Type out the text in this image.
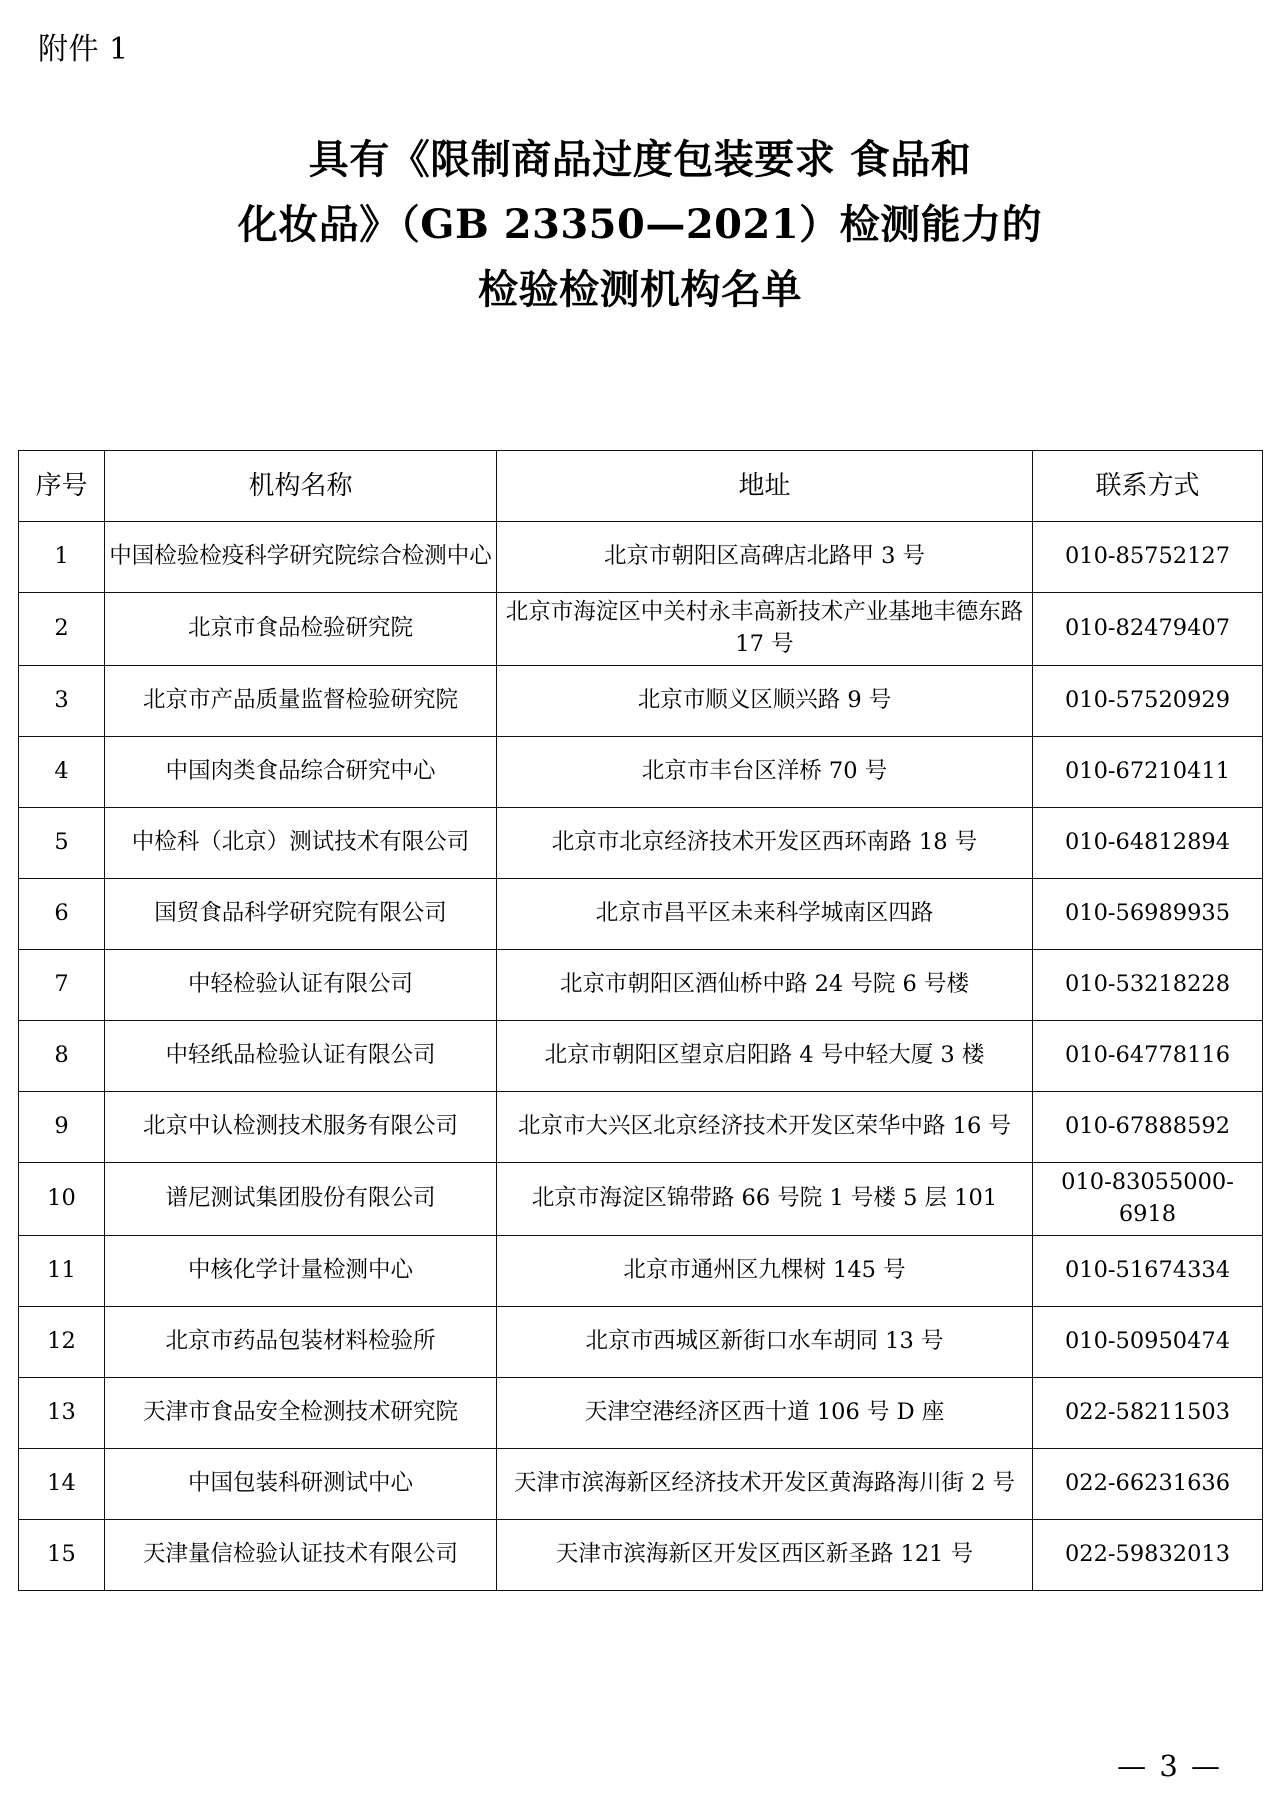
附件 1
具有《限制商品过度包装要求 食品和
化妆品》（GB 23350—2021）检测能力的
检验检测机构名单
序号	机构名称	地址	联系方式
1	中国检验检疫科学研究院综合检测中心	北京市朝阳区高碑店北路甲 3 号	010-85752127
2	北京市食品检验研究院	北京市海淀区中关村永丰高新技术产业基地丰德东路 17 号	010-82479407
3	北京市产品质量监督检验研究院	北京市顺义区顺兴路 9 号	010-57520929
4	中国肉类食品综合研究中心	北京市丰台区洋桥 70 号	010-67210411
5	中检科（北京）测试技术有限公司	北京市北京经济技术开发区西环南路 18 号	010-64812894
6	国贸食品科学研究院有限公司	北京市昌平区未来科学城南区四路	010-56989935
7	中轻检验认证有限公司	北京市朝阳区酒仙桥中路 24 号院 6 号楼	010-53218228
8	中轻纸品检验认证有限公司	北京市朝阳区望京启阳路 4 号中轻大厦 3 楼	010-64778116
9	北京中认检测技术服务有限公司	北京市大兴区北京经济技术开发区荣华中路 16 号	010-67888592
10	谱尼测试集团股份有限公司	北京市海淀区锦带路 66 号院 1 号楼 5 层 101	010-83055000-6918
11	中核化学计量检测中心	北京市通州区九棵树 145 号	010-51674334
12	北京市药品包装材料检验所	北京市西城区新街口水车胡同 13 号	010-50950474
13	天津市食品安全检测技术研究院	天津空港经济区西十道 106 号 D 座	022-58211503
14	中国包装科研测试中心	天津市滨海新区经济技术开发区黄海路海川街 2 号	022-66231636
15	天津量信检验认证技术有限公司	天津市滨海新区开发区西区新圣路 121 号	022-59832013
— 3 —
